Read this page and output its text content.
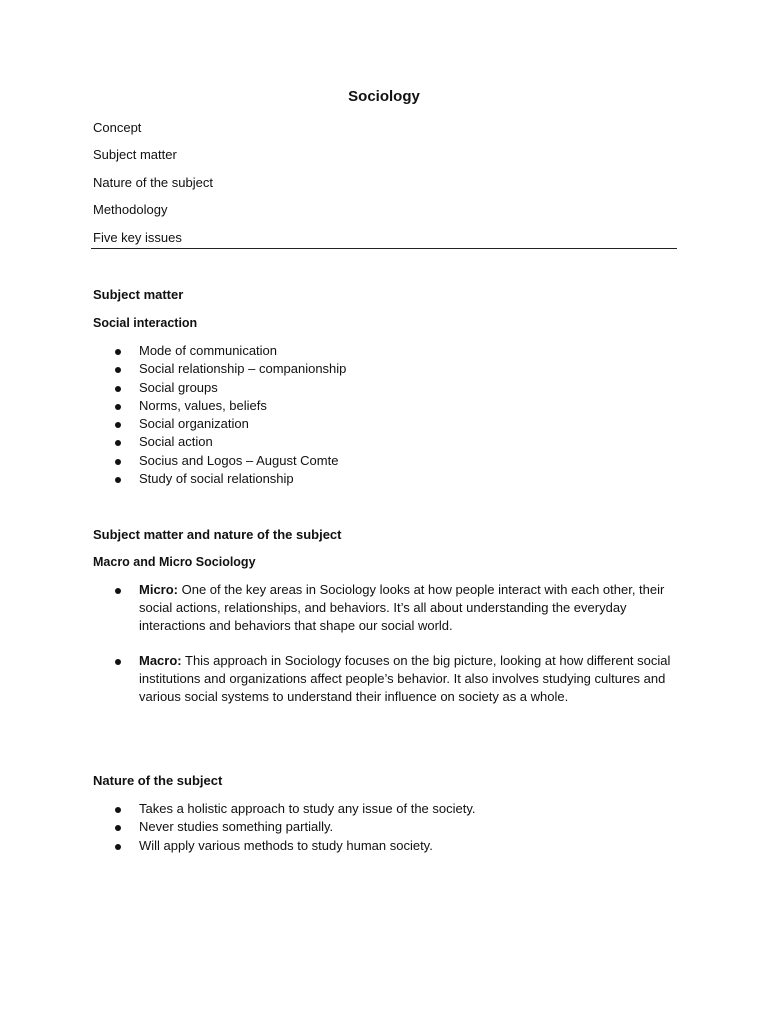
Sociology
Concept
Subject matter
Nature of the subject
Methodology
Five key issues
Subject matter
Social interaction
Mode of communication
Social relationship – companionship
Social groups
Norms, values, beliefs
Social organization
Social action
Socius and Logos – August Comte
Study of social relationship
Subject matter and nature of the subject
Macro and Micro Sociology
Micro: One of the key areas in Sociology looks at how people interact with each other, their social actions, relationships, and behaviors. It’s all about understanding the everyday interactions and behaviors that shape our social world.
Macro: This approach in Sociology focuses on the big picture, looking at how different social institutions and organizations affect people’s behavior. It also involves studying cultures and various social systems to understand their influence on society as a whole.
Nature of the subject
Takes a holistic approach to study any issue of the society.
Never studies something partially.
Will apply various methods to study human society.
